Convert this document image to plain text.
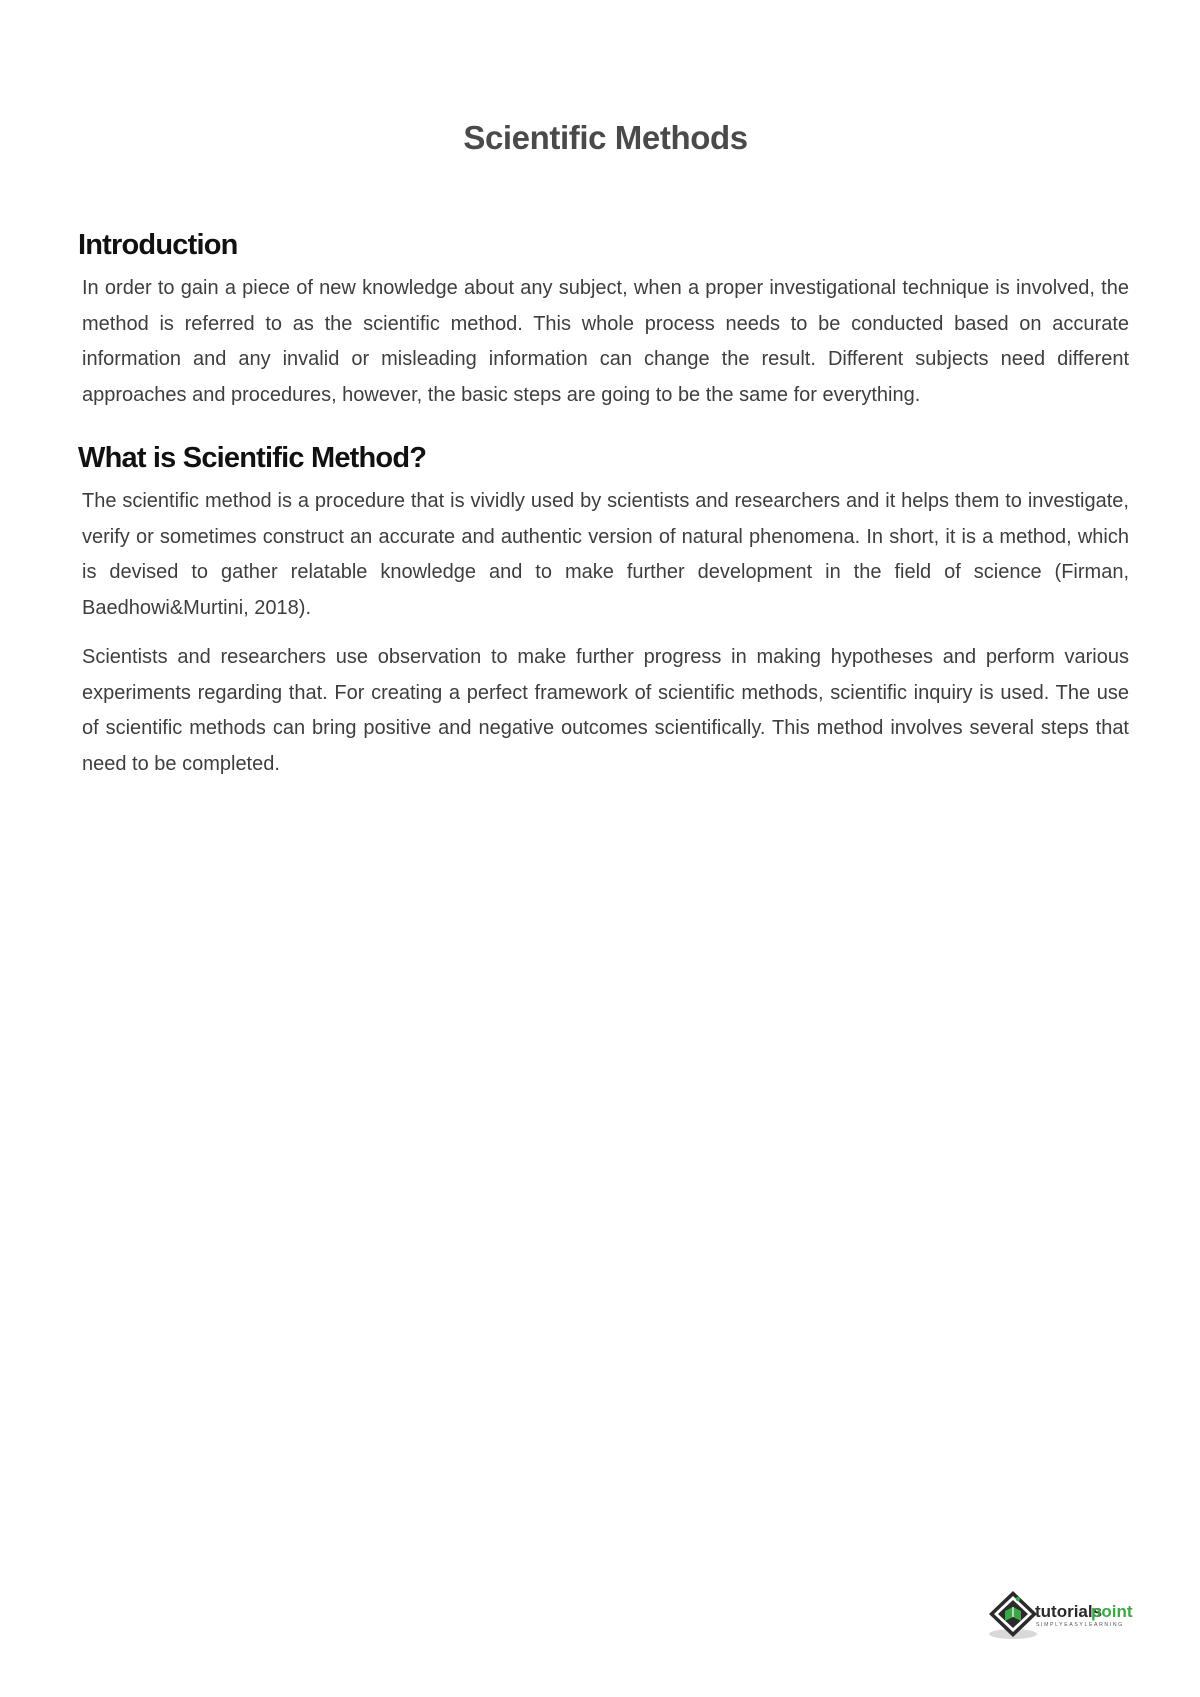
Scientific Methods
Introduction

In order to gain a piece of new knowledge about any subject, when a proper investigational technique is involved, the method is referred to as the scientific method. This whole process needs to be conducted based on accurate information and any invalid or misleading information can change the result. Different subjects need different approaches and procedures, however, the basic steps are going to be the same for everything.

What is Scientific Method?

The scientific method is a procedure that is vividly used by scientists and researchers and it helps them to investigate, verify or sometimes construct an accurate and authentic version of natural phenomena. In short, it is a method, which is devised to gather relatable knowledge and to make further development in the field of science (Firman, Baedhowi&Murtini, 2018).

Scientists and researchers use observation to make further progress in making hypotheses and perform various experiments regarding that. For creating a perfect framework of scientific methods, scientific inquiry is used. The use of scientific methods can bring positive and negative outcomes scientifically. This method involves several steps that need to be completed.

tutorials
point
SIMPLYEASYLEARNING
